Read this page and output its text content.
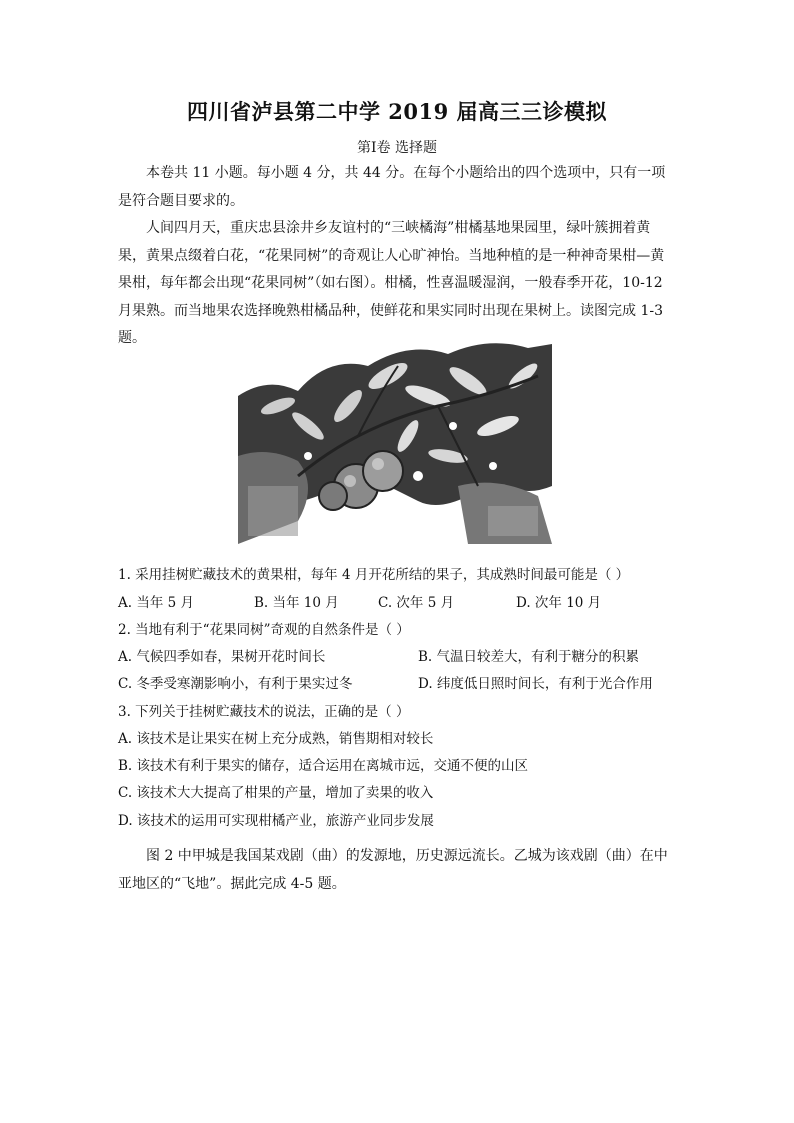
四川省泸县第二中学 2019 届高三三诊模拟
第Ⅰ卷 选择题
本卷共 11 小题。每小题 4 分，共 44 分。在每个小题给出的四个选项中，只有一项是符合题目要求的。
人间四月天，重庆忠县涂井乡友谊村的“三峡橘海”柑橘基地果园里，绿叶簇拥着黄果，黄果点缀着白花，“花果同树”的奇观让人心旷神怡。当地种植的是一种神奇果柑—黄果柑，每年都会出现“花果同树”（如右图）。柑橘，性喜温暖湿润，一般春季开花，10-12 月果熟。而当地果农选择晚熟柑橘品种，使鲜花和果实同时出现在果树上。读图完成 1-3 题。
1. 采用挂树贮藏技术的黄果柑，每年 4 月开花所结的果子，其成熟时间最可能是（ ）
A. 当年 5 月	B. 当年 10 月	C. 次年 5 月	D. 次年 10 月
2. 当地有利于“花果同树”奇观的自然条件是（ ）
A. 气候四季如春，果树开花时间长	B. 气温日较差大，有利于糖分的积累
C. 冬季受寒潮影响小，有利于果实过冬	D. 纬度低日照时间长，有利于光合作用
3. 下列关于挂树贮藏技术的说法，正确的是（ ）
A. 该技术是让果实在树上充分成熟，销售期相对较长
B. 该技术有利于果实的储存，适合运用在离城市远，交通不便的山区
C. 该技术大大提高了柑果的产量，增加了卖果的收入
D. 该技术的运用可实现柑橘产业，旅游产业同步发展
图 2 中甲城是我国某戏剧（曲）的发源地，历史源远流长。乙城为该戏剧（曲）在中亚地区的“飞地”。据此完成 4-5 题。
